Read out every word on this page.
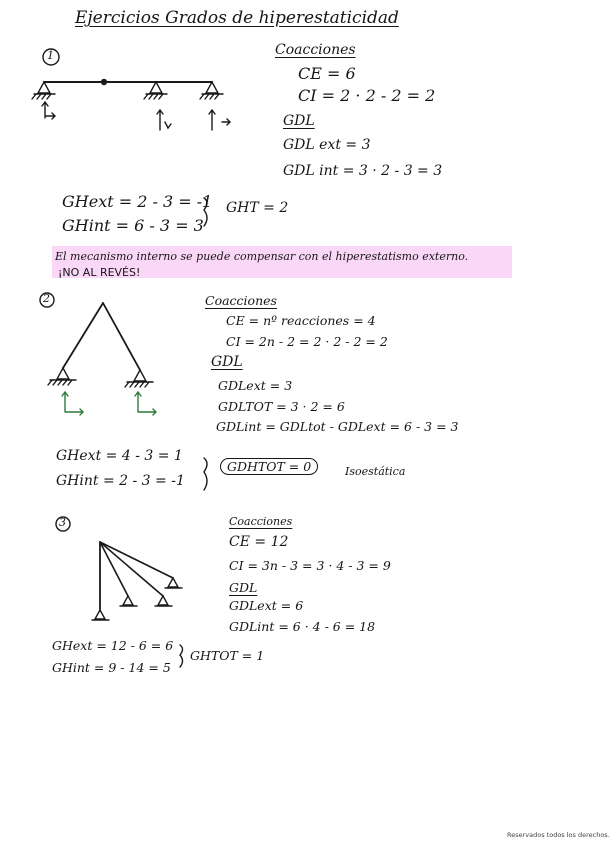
Ejercicios Grados de hiperestaticidad
1
2
3
Coacciones
CE = 6
CI = 2 · 2 - 2 = 2
GDL
GDL ext = 3
GDL int = 3 · 2 - 3 = 3
GHext = 2 - 3 = -1
GHint = 6 - 3 = 3
GHT = 2
El mecanismo interno se puede compensar con el hiperestatismo externo.
¡NO AL REVÉS!
Coacciones
CE = nº reacciones = 4
CI = 2n - 2 = 2 · 2 - 2 = 2
GDL
GDLext = 3
GDLTOT = 3 · 2 = 6
GDLint = GDLtot - GDLext = 6 - 3 = 3
GHext = 4 - 3 = 1
GHint = 2 - 3 = -1
GDHTOT = 0	Isoestática
Coacciones
CE = 12
CI = 3n - 3 = 3 · 4 - 3 = 9
GDL
GDLext = 6
GDLint = 6 · 4 - 6 = 18
GHext = 12 - 6 = 6
GHint = 9 - 14 = 5
GHTOT = 1
Reservados todos los derechos.
